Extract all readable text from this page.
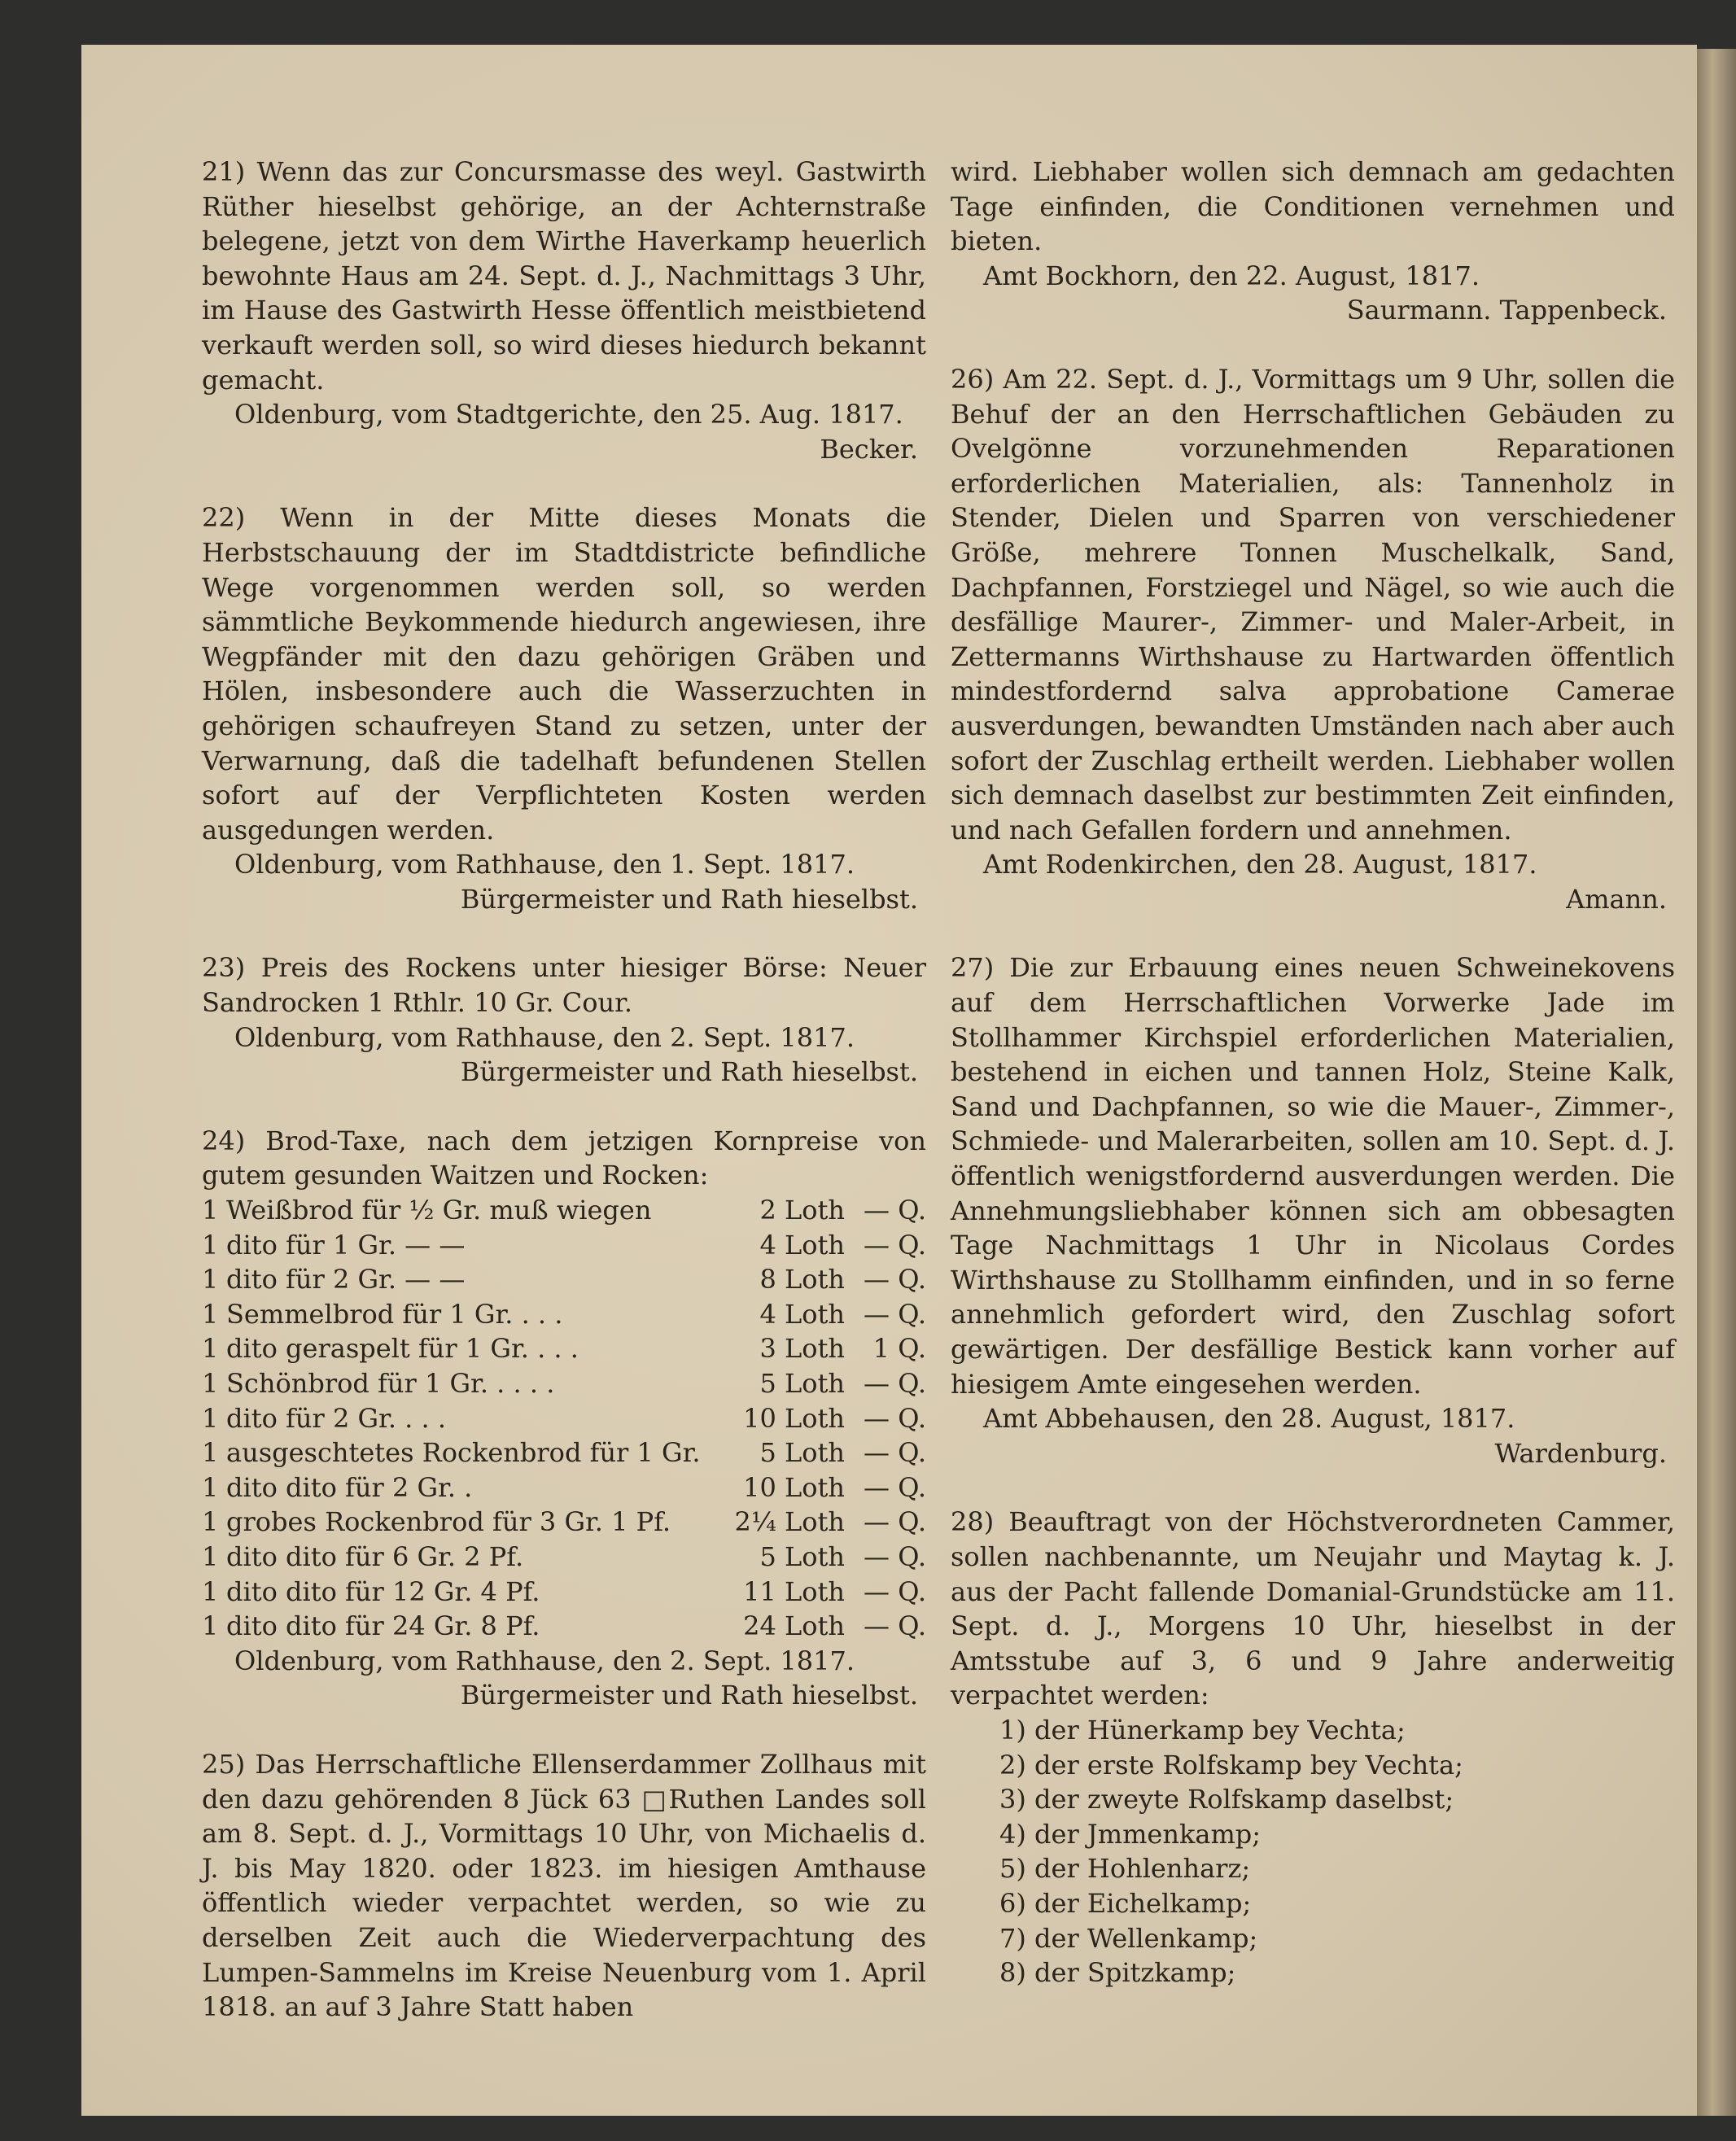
21) Wenn das zur Concursmasse des weyl. Gastwirth Rüther hieselbst gehörige, an der Achternstraße belegene, jetzt von dem Wirthe Haverkamp heuerlich bewohnte Haus am 24. Sept. d. J., Nachmittags 3 Uhr, im Hause des Gastwirth Hesse öffentlich meistbietend verkauft werden soll, so wird dieses hiedurch bekannt gemacht.

Oldenburg, vom Stadtgerichte, den 25. Aug. 1817.

Becker.

22) Wenn in der Mitte dieses Monats die Herbstschauung der im Stadtdistricte befindliche Wege vorgenommen werden soll, so werden sämmtliche Beykommende hiedurch angewiesen, ihre Wegpfänder mit den dazu gehörigen Gräben und Hölen, insbesondere auch die Wasserzuchten in gehörigen schaufreyen Stand zu setzen, unter der Verwarnung, daß die tadelhaft befundenen Stellen sofort auf der Verpflichteten Kosten werden ausgedungen werden.

Oldenburg, vom Rathhause, den 1. Sept. 1817.

Bürgermeister und Rath hieselbst.

23) Preis des Rockens unter hiesiger Börse: Neuer Sandrocken 1 Rthlr. 10 Gr. Cour.

Oldenburg, vom Rathhause, den 2. Sept. 1817.

Bürgermeister und Rath hieselbst.

24) Brod-Taxe, nach dem jetzigen Kornpreise von gutem gesunden Waitzen und Rocken:

1 Weißbrod für ½ Gr. muß wiegen	2 Loth — Q.
1 dito für 1 Gr. — —	4 Loth — Q.
1 dito für 2 Gr. — —	8 Loth — Q.
1 Semmelbrod für 1 Gr. . . .	4 Loth — Q.
1 dito geraspelt für 1 Gr. . . .	3 Loth	1 Q.
1 Schönbrod für 1 Gr. . . . .	5 Loth — Q.
1 dito für 2 Gr. . . .	10 Loth — Q.
1 ausgeschtetes Rockenbrod für 1 Gr.	5 Loth — Q.
1 dito dito für 2 Gr. .	10 Loth — Q.
1 grobes Rockenbrod für 3 Gr. 1 Pf.	2¼ Loth — Q.
1 dito dito für 6 Gr. 2 Pf.	5 Loth — Q.
1 dito dito für 12 Gr. 4 Pf.	11 Loth — Q.
1 dito dito für 24 Gr. 8 Pf.	24 Loth — Q.

Oldenburg, vom Rathhause, den 2. Sept. 1817.

Bürgermeister und Rath hieselbst.

25) Das Herrschaftliche Ellenserdammer Zollhaus mit den dazu gehörenden 8 Jück 63 □Ruthen Landes soll am 8. Sept. d. J., Vormittags 10 Uhr, von Michaelis d. J. bis May 1820. oder 1823. im hiesigen Amthause öffentlich wieder verpachtet werden, so wie zu derselben Zeit auch die Wiederverpachtung des Lumpen-Sammelns im Kreise Neuenburg vom 1. April 1818. an auf 3 Jahre Statt haben

wird. Liebhaber wollen sich demnach am gedachten Tage einfinden, die Conditionen vernehmen und bieten.

Amt Bockhorn, den 22. August, 1817.

Saurmann. Tappenbeck.

26) Am 22. Sept. d. J., Vormittags um 9 Uhr, sollen die Behuf der an den Herrschaftlichen Gebäuden zu Ovelgönne vorzunehmenden Reparationen erforderlichen Materialien, als: Tannenholz in Stender, Dielen und Sparren von verschiedener Größe, mehrere Tonnen Muschelkalk, Sand, Dachpfannen, Forstziegel und Nägel, so wie auch die desfällige Maurer-, Zimmer- und Maler-Arbeit, in Zettermanns Wirthshause zu Hartwarden öffentlich mindestfordernd salva approbatione Camerae ausverdungen, bewandten Umständen nach aber auch sofort der Zuschlag ertheilt werden. Liebhaber wollen sich demnach daselbst zur bestimmten Zeit einfinden, und nach Gefallen fordern und annehmen.

Amt Rodenkirchen, den 28. August, 1817.

Amann.

27) Die zur Erbauung eines neuen Schweinekovens auf dem Herrschaftlichen Vorwerke Jade im Stollhammer Kirchspiel erforderlichen Materialien, bestehend in eichen und tannen Holz, Steine Kalk, Sand und Dachpfannen, so wie die Mauer-, Zimmer-, Schmiede- und Malerarbeiten, sollen am 10. Sept. d. J. öffentlich wenigstfordernd ausverdungen werden. Die Annehmungsliebhaber können sich am obbesagten Tage Nachmittags 1 Uhr in Nicolaus Cordes Wirthshause zu Stollhamm einfinden, und in so ferne annehmlich gefordert wird, den Zuschlag sofort gewärtigen. Der desfällige Bestick kann vorher auf hiesigem Amte eingesehen werden.

Amt Abbehausen, den 28. August, 1817.

Wardenburg.

28) Beauftragt von der Höchstverordneten Cammer, sollen nachbenannte, um Neujahr und Maytag k. J. aus der Pacht fallende Domanial-Grundstücke am 11. Sept. d. J., Morgens 10 Uhr, hieselbst in der Amtsstube auf 3, 6 und 9 Jahre anderweitig verpachtet werden:

1) der Hünerkamp bey Vechta;

2) der erste Rolfskamp bey Vechta;

3) der zweyte Rolfskamp daselbst;

4) der Jmmenkamp;

5) der Hohlenharz;

6) der Eichelkamp;

7) der Wellenkamp;

8) der Spitzkamp;
